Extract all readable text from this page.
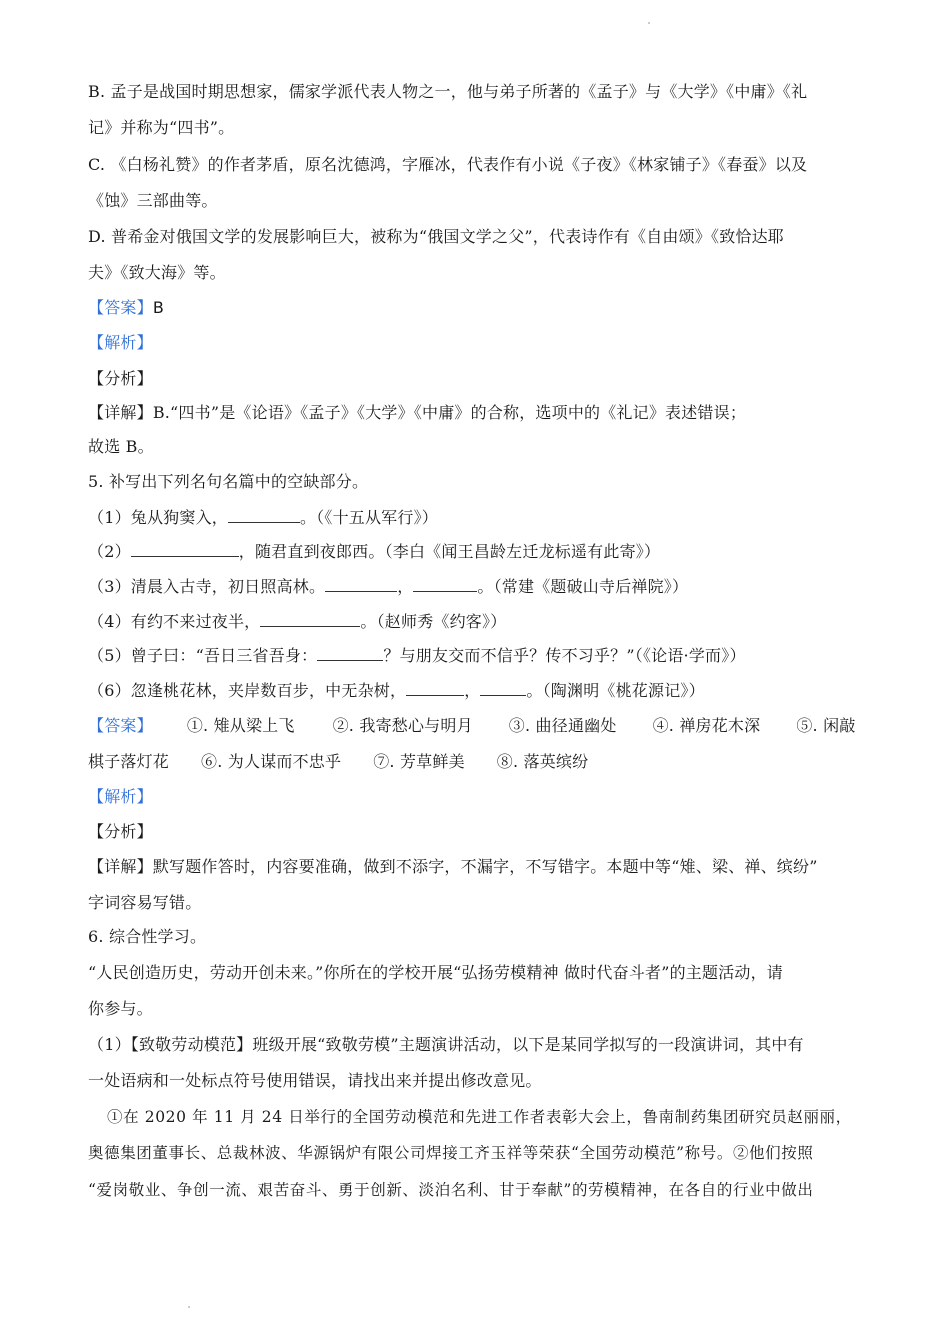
B. 孟子是战国时期思想家，儒家学派代表人物之一，他与弟子所著的《孟子》与《大学》《中庸》《礼
记》并称为“四书”。
C. 《白杨礼赞》的作者茅盾，原名沈德鸿，字雁冰，代表作有小说《子夜》《林家铺子》《春蚕》以及
《蚀》三部曲等。
D. 普希金对俄国文学的发展影响巨大，被称为“俄国文学之父”，代表诗作有《自由颂》《致恰达耶
夫》《致大海》等。
【答案】B
【解析】
【分析】
【详解】B.“四书”是《论语》《孟子》《大学》《中庸》的合称，选项中的《礼记》表述错误；
故选 B。
5. 补写出下列名句名篇中的空缺部分。
（1）兔从狗窦入，	。（《十五从军行》）
（2）	，随君直到夜郎西。（李白《闻王昌龄左迁龙标遥有此寄》）
（3）清晨入古寺，初日照高林。	，	。（常建《题破山寺后禅院》）
（4）有约不来过夜半，	。（赵师秀《约客》）
（5）曾子曰：“吾日三省吾身：	？与朋友交而不信乎？传不习乎？”（《论语·学而》）
（6）忽逢桃花林，夹岸数百步，中无杂树，	，	。（陶渊明《桃花源记》）
【答案】 ①. 雉从梁上飞 ②. 我寄愁心与明月 ③. 曲径通幽处 ④. 禅房花木深 ⑤. 闲敲
棋子落灯花 ⑥. 为人谋而不忠乎 ⑦. 芳草鲜美 ⑧. 落英缤纷
【解析】
【分析】
【详解】默写题作答时，内容要准确，做到不添字，不漏字，不写错字。本题中等“雉、梁、禅、缤纷”
字词容易写错。
6. 综合性学习。
“人民创造历史，劳动开创未来。”你所在的学校开展“弘扬劳模精神 做时代奋斗者”的主题活动，请
你参与。
（1）【致敬劳动模范】班级开展“致敬劳模”主题演讲活动，以下是某同学拟写的一段演讲词，其中有
一处语病和一处标点符号使用错误，请找出来并提出修改意见。
①在 2020 年 11 月 24 日举行的全国劳动模范和先进工作者表彰大会上，鲁南制药集团研究员赵丽丽，
奥德集团董事长、总裁林波、华源锅炉有限公司焊接工齐玉祥等荣获“全国劳动模范”称号。②他们按照
“爱岗敬业、争创一流、艰苦奋斗、勇于创新、淡泊名利、甘于奉献”的劳模精神，在各自的行业中做出
